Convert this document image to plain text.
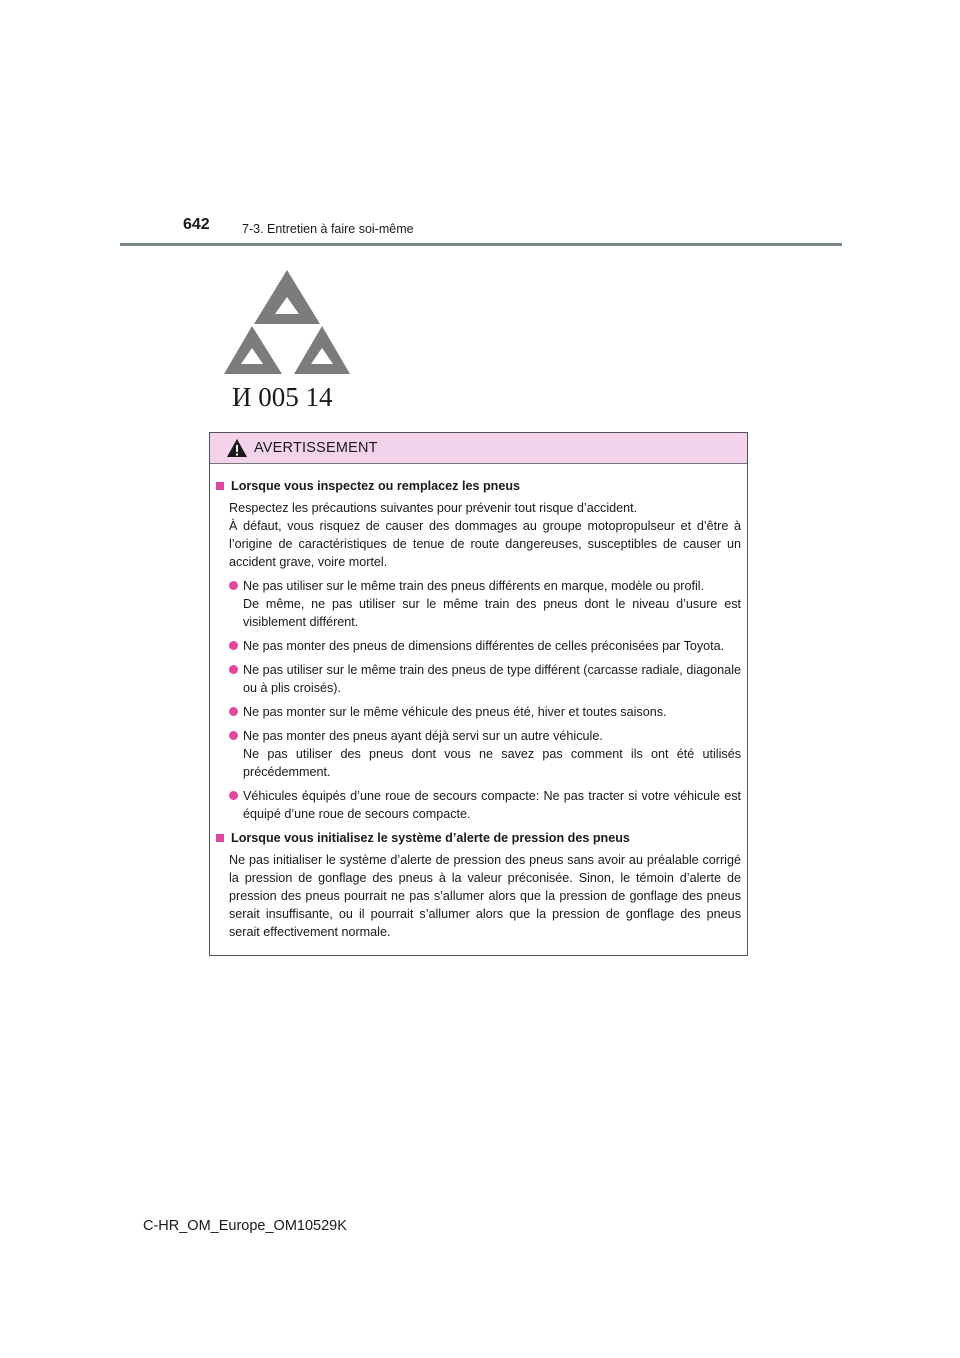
642	7-3. Entretien à faire soi-même
И 005 14
AVERTISSEMENT
Lorsque vous inspectez ou remplacez les pneus
Respectez les précautions suivantes pour prévenir tout risque d’accident.
À défaut, vous risquez de causer des dommages au groupe motopropulseur et d’être à l’origine de caractéristiques de tenue de route dangereuses, susceptibles de causer un accident grave, voire mortel.
Ne pas utiliser sur le même train des pneus différents en marque, modèle ou profil.
De même, ne pas utiliser sur le même train des pneus dont le niveau d’usure est visiblement différent.
Ne pas monter des pneus de dimensions différentes de celles préconisées par Toyota.
Ne pas utiliser sur le même train des pneus de type différent (carcasse radiale, diagonale ou à plis croisés).
Ne pas monter sur le même véhicule des pneus été, hiver et toutes saisons.
Ne pas monter des pneus ayant déjà servi sur un autre véhicule.
Ne pas utiliser des pneus dont vous ne savez pas comment ils ont été utilisés précédemment.
Véhicules équipés d’une roue de secours compacte: Ne pas tracter si votre véhicule est équipé d’une roue de secours compacte.
Lorsque vous initialisez le système d’alerte de pression des pneus
Ne pas initialiser le système d’alerte de pression des pneus sans avoir au préalable corrigé la pression de gonflage des pneus à la valeur préconisée. Sinon, le témoin d’alerte de pression des pneus pourrait ne pas s’allumer alors que la pression de gonflage des pneus serait insuffisante, ou il pourrait s’allumer alors que la pression de gonflage des pneus serait effectivement normale.
C-HR_OM_Europe_OM10529K
